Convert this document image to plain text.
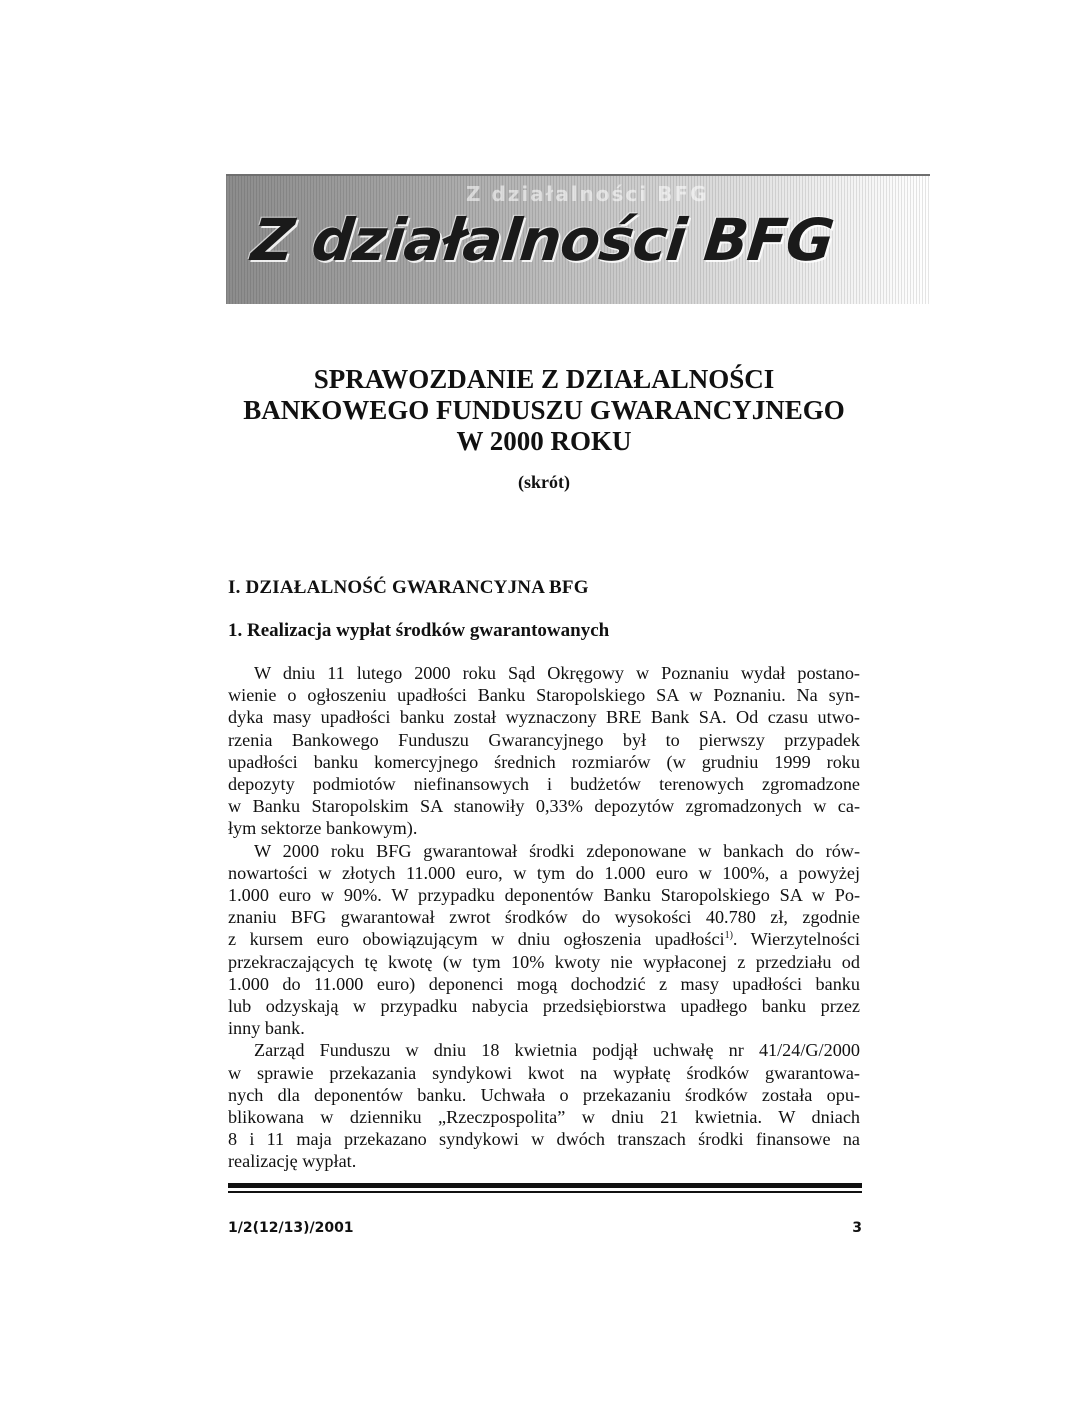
Z działalności BFG
Z działalności BFG
SPRAWOZDANIE Z DZIAŁALNOŚCI
BANKOWEGO FUNDUSZU GWARANCYJNEGO
W 2000 ROKU
(skrót)
I. DZIAŁALNOŚĆ GWARANCYJNA BFG
1. Realizacja wypłat środków gwarantowanych
W dniu 11 lutego 2000 roku Sąd Okręgowy w Poznaniu wydał postano-
wienie o ogłoszeniu upadłości Banku Staropolskiego SA w Poznaniu. Na syn-
dyka masy upadłości banku został wyznaczony BRE Bank SA. Od czasu utwo-
rzenia Bankowego Funduszu Gwarancyjnego był to pierwszy przypadek
upadłości banku komercyjnego średnich rozmiarów (w grudniu 1999 roku
depozyty podmiotów niefinansowych i budżetów terenowych zgromadzone
w Banku Staropolskim SA stanowiły 0,33% depozytów zgromadzonych w ca-
łym sektorze bankowym).
W 2000 roku BFG gwarantował środki zdeponowane w bankach do rów-
nowartości w złotych 11.000 euro, w tym do 1.000 euro w 100%, a powyżej
1.000 euro w 90%. W przypadku deponentów Banku Staropolskiego SA w Po-
znaniu BFG gwarantował zwrot środków do wysokości 40.780 zł, zgodnie
z kursem euro obowiązującym w dniu ogłoszenia upadłości$^{1)}$. Wierzytelności
przekraczających tę kwotę (w tym 10% kwoty nie wypłaconej z przedziału od
1.000 do 11.000 euro) deponenci mogą dochodzić z masy upadłości banku
lub odzyskają w przypadku nabycia przedsiębiorstwa upadłego banku przez
inny bank.
Zarząd Funduszu w dniu 18 kwietnia podjął uchwałę nr 41/24/G/2000
w sprawie przekazania syndykowi kwot na wypłatę środków gwarantowa-
nych dla deponentów banku. Uchwała o przekazaniu środków została opu-
blikowana w dzienniku „Rzeczpospolita” w dniu 21 kwietnia. W dniach
8 i 11 maja przekazano syndykowi w dwóch transzach środki finansowe na
realizację wypłat.
1/2(12/13)/2001	3
